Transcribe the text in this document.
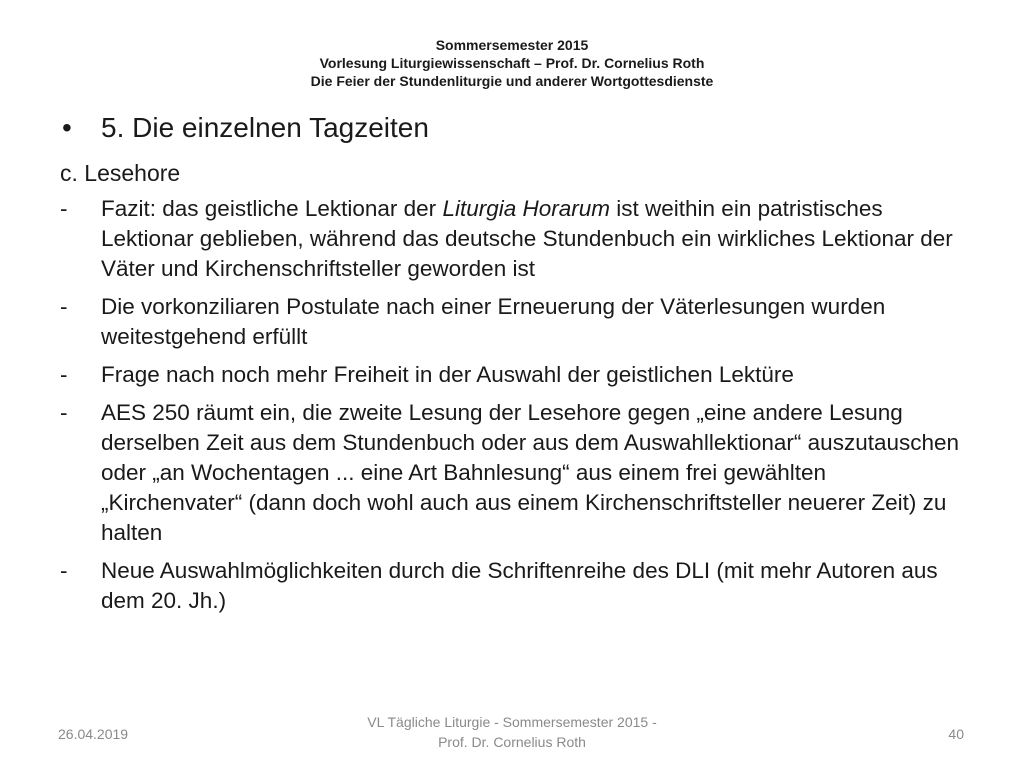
Sommersemester 2015
Vorlesung Liturgiewissenschaft – Prof. Dr. Cornelius Roth
Die Feier der Stundenliturgie und anderer Wortgottesdienste
• 5. Die einzelnen Tagzeiten
c. Lesehore
- Fazit: das geistliche Lektionar der Liturgia Horarum ist weithin ein patristisches Lektionar geblieben, während das deutsche Stundenbuch ein wirkliches Lektionar der Väter und Kirchenschriftsteller geworden ist
- Die vorkonziliaren Postulate nach einer Erneuerung der Väterlesungen wurden weitestgehend erfüllt
- Frage nach noch mehr Freiheit in der Auswahl der geistlichen Lektüre
- AES 250 räumt ein, die zweite Lesung der Lesehore gegen „eine andere Lesung derselben Zeit aus dem Stundenbuch oder aus dem Auswahllektionar“ auszutauschen oder „an Wochentagen ... eine Art Bahnlesung“ aus einem frei gewählten „Kirchenvater“ (dann doch wohl auch aus einem Kirchenschriftsteller neuerer Zeit) zu halten
- Neue Auswahlmöglichkeiten durch die Schriftenreihe des DLI (mit mehr Autoren aus dem 20. Jh.)
26.04.2019
VL Tägliche Liturgie - Sommersemester 2015 - Prof. Dr. Cornelius Roth	40
